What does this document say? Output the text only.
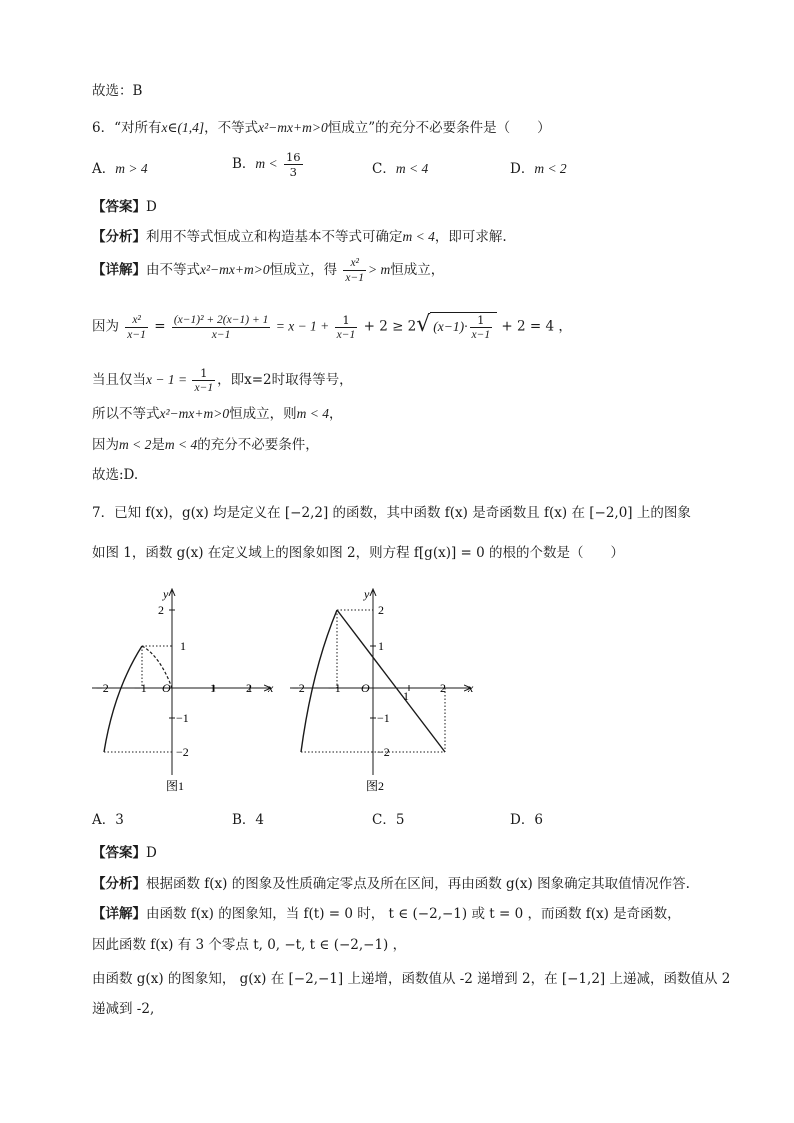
故选：B
6．“对所有x∈(1,4]，不等式x²−mx+m>0恒成立”的充分不必要条件是（　　）
A．m > 4	B．$m < \frac{16}{3}$	C．m < 4	D．m < 2
【答案】D
【分析】利用不等式恒成立和构造基本不等式可确定m < 4，即可求解.
【详解】由不等式x²−mx+m>0恒成立，得 $\frac{\text{x²}}{x-1} > m$恒成立，
因为 $\frac{\text{x²}}{x-1} = \frac{\text{(x−1)² + 2(x−1) + 1}}{x-1} = x - 1 + \frac{1}{x-1} + 2 \ge 2√$ $(x-1)\cdot \frac{1}{x-1} + 2 = 4$ ，
当且仅当$x - 1 = \frac{1}{x-1}$ ，即x=2时取得等号，
所以不等式x²−mx+m>0恒成立，则m < 4，
因为m < 2是m < 4的充分不必要条件，
故选:D.
7．已知 f(x)，g(x) 均是定义在 [−2,2] 的函数，其中函数 f(x) 是奇函数且 f(x) 在 [−2,0] 上的图象
如图 1，函数 g(x) 在定义域上的图象如图 2，则方程 f[g(x)] = 0 的根的个数是（　　）
y
x
−2 −1 O	1	2
2
1
−1
−2
图1
y
x
−2 −1 O
1
2
2
1
−1
−2
图2
A．3	B．4	C．5	D．6
【答案】D
【分析】根据函数 f(x) 的图象及性质确定零点及所在区间，再由函数 g(x) 图象确定其取值情况作答.
【详解】由函数 f(x) 的图象知，当 f(t) = 0 时， t ∈ (−2,−1) 或 t = 0 ，而函数 f(x) 是奇函数，
因此函数 f(x) 有 3 个零点 t, 0, −t, t ∈ (−2,−1) ，
由函数 g(x) 的图象知， g(x) 在 [−2,−1] 上递增，函数值从 -2 递增到 2，在 [−1,2] 上递减，函数值从 2
递减到 -2,
